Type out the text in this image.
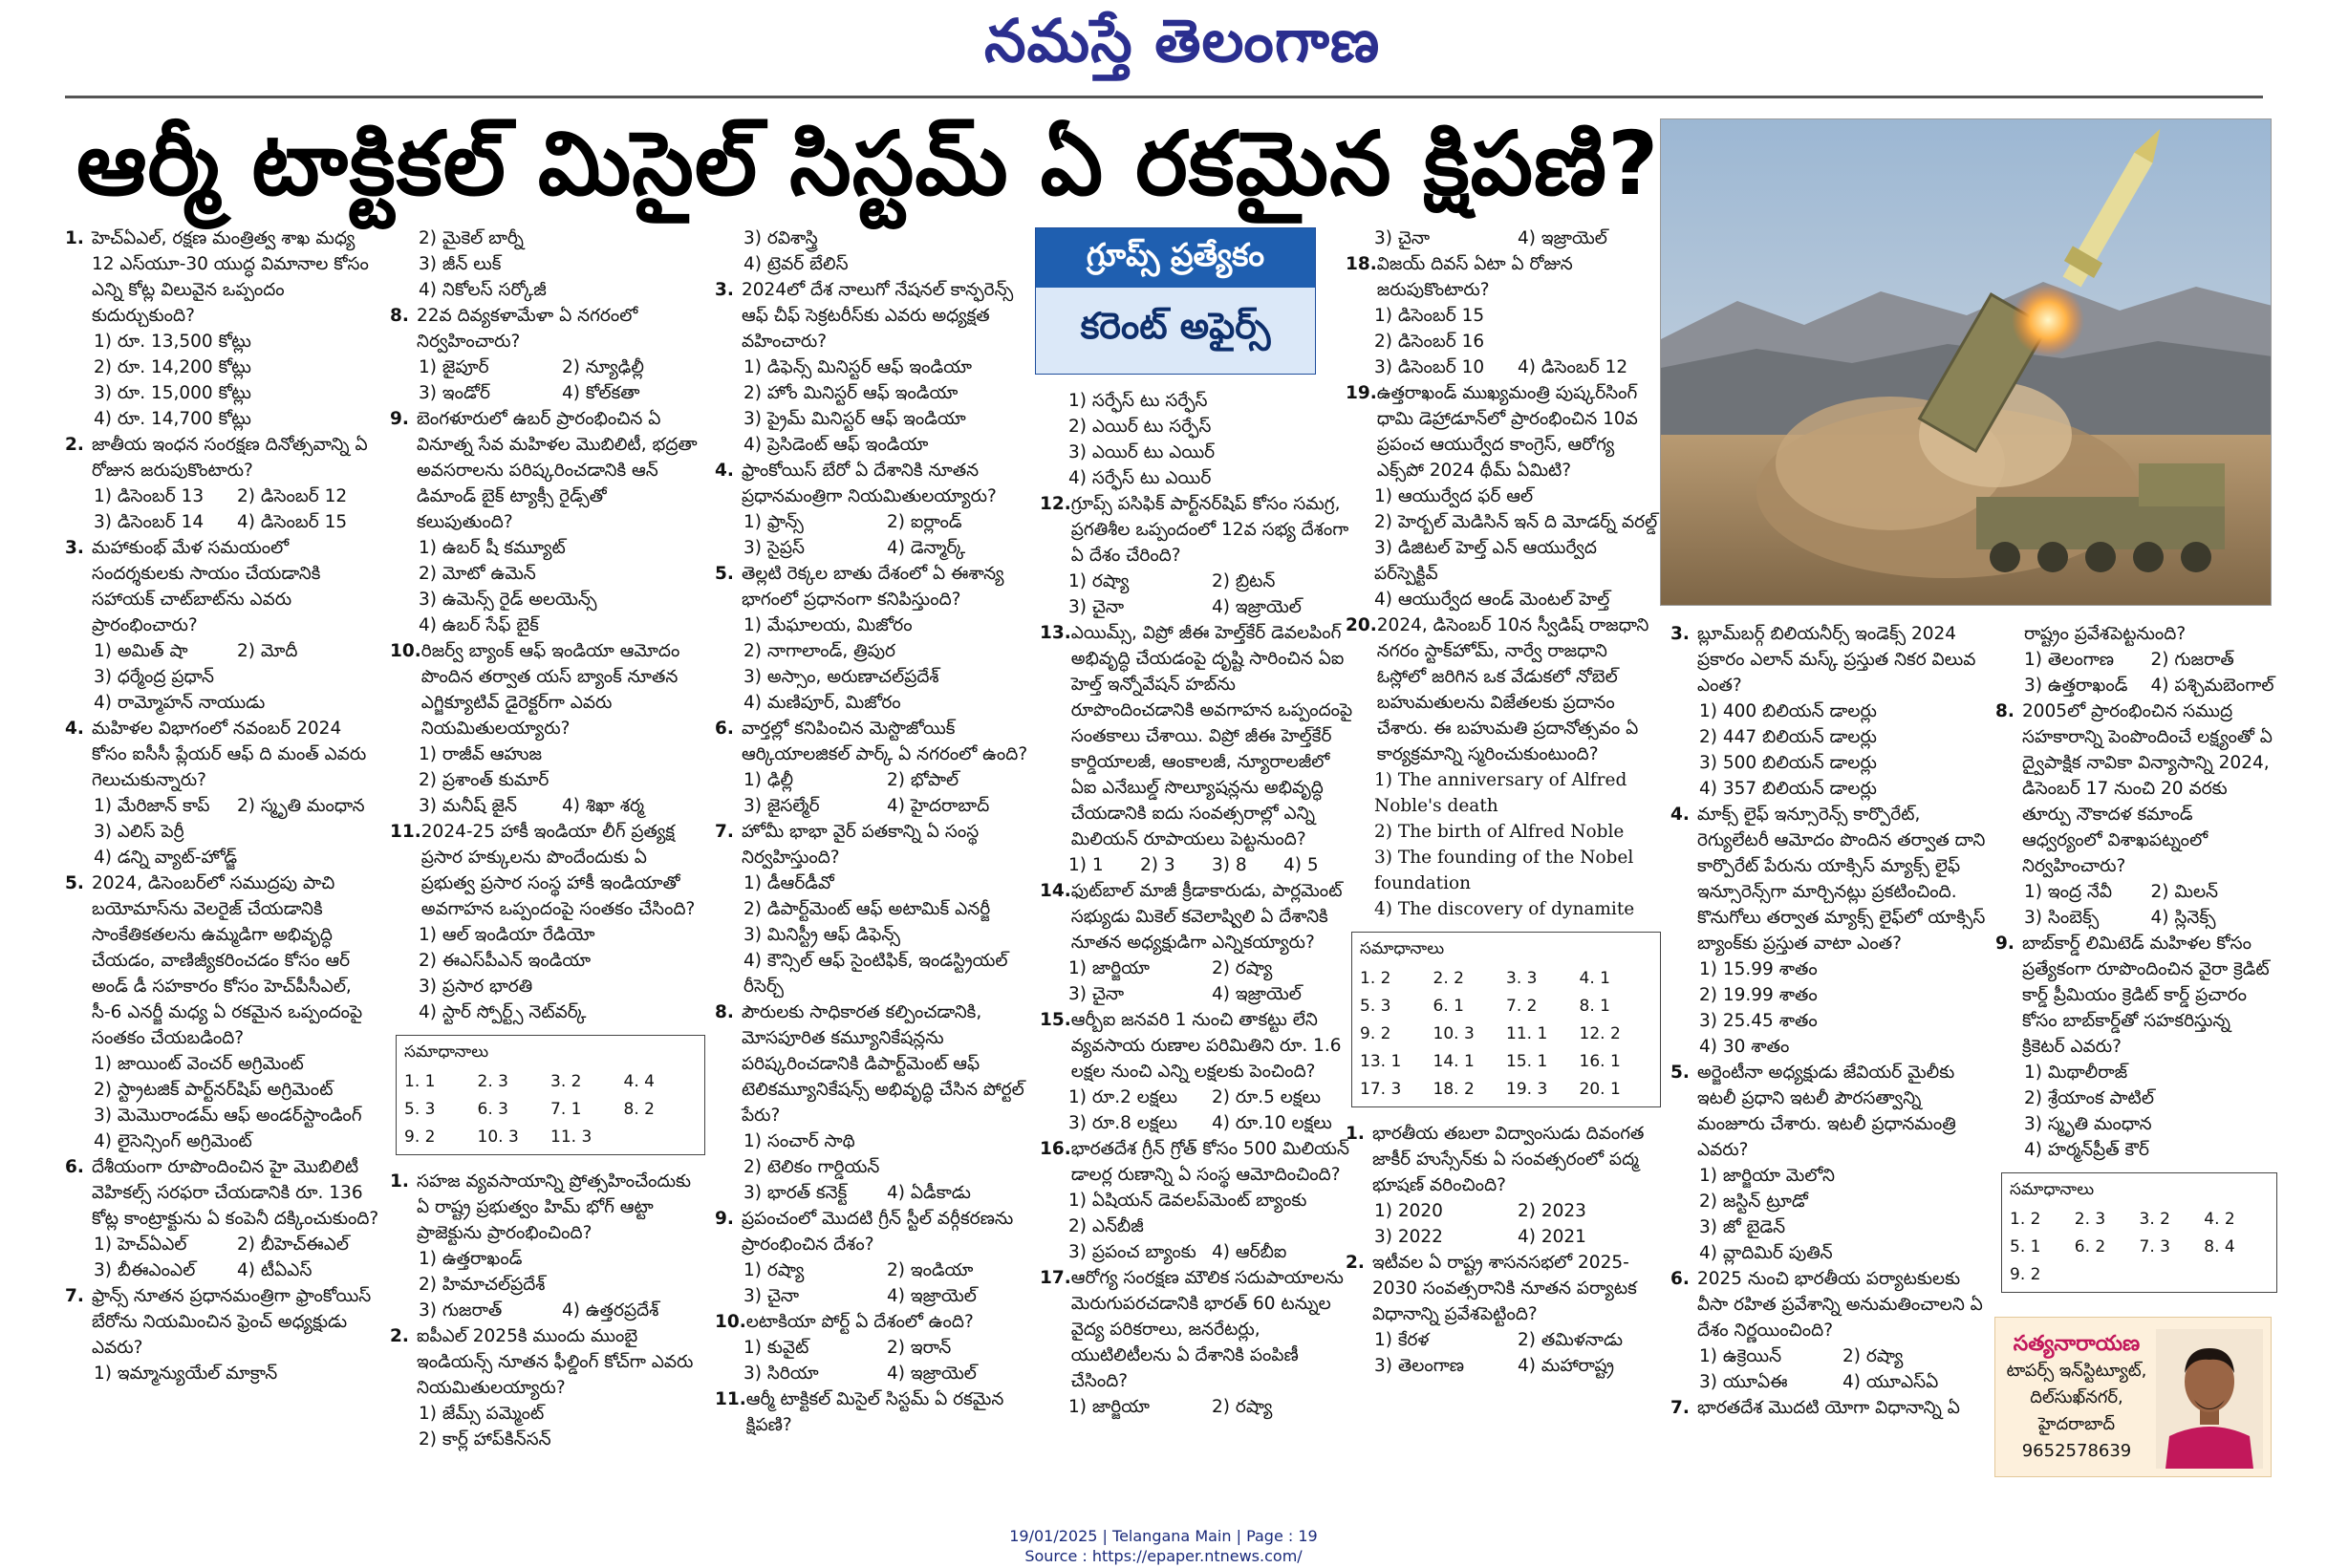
నమస్తే తెలంగాణ
ఆర్మీ టాక్టికల్ మిసైల్ సిస్టమ్ ఏ రకమైన క్షిపణి?
1. హెచ్‌ఏఎల్, రక్షణ మంత్రిత్వ శాఖ మధ్య 12 ఎస్‌యూ-30 యుద్ధ విమానాల కోసం ఎన్ని కోట్ల విలువైన ఒప్పందం కుదుర్చుకుంది?
1) రూ. 13,500 కోట్లు
2) రూ. 14,200 కోట్లు
3) రూ. 15,000 కోట్లు
4) రూ. 14,700 కోట్లు
2. జాతీయ ఇంధన సంరక్షణ దినోత్సవాన్ని ఏ రోజున జరుపుకొంటారు?
1) డిసెంబర్ 13	2) డిసెంబర్ 12
3) డిసెంబర్ 14	4) డిసెంబర్ 15
3. మహాకుంభ్ మేళ సమయంలో సందర్శకులకు సాయం చేయడానికి సహాయక్ చాట్‌బాట్‌ను ఎవరు ప్రారంభించారు?
1) అమిత్ షా	2) మోదీ
3) ధర్మేంద్ర ప్రధాన్
4) రామ్మోహన్ నాయుడు
4. మహిళల విభాగంలో నవంబర్ 2024 కోసం ఐసీసీ ప్లేయర్ ఆఫ్ ది మంత్ ఎవరు గెలుచుకున్నారు?
1) మేరిజాన్ కాప్	2) స్మృతి మంధాన
3) ఎలిస్ పెర్రీ
4) డన్ని వ్యాట్-హోడ్జ్
5. 2024, డిసెంబర్‌లో సముద్రపు పాచి బయోమాస్‌ను వెలరైజ్ చేయడానికి సాంకేతికతలను ఉమ్మడిగా అభివృద్ధి చేయడం, వాణిజ్యీకరించడం కోసం ఆర్ అండ్ డీ సహకారం కోసం హెచ్‌పీసీఎల్, సీ-6 ఎనర్జీ మధ్య ఏ రకమైన ఒప్పందంపై సంతకం చేయబడింది?
1) జాయింట్ వెంచర్ అగ్రిమెంట్
2) స్ట్రాటజిక్ పార్ట్‌నర్‌షిప్ అగ్రిమెంట్
3) మెమొరాండమ్ ఆఫ్ అండర్‌స్టాండింగ్
4) లైసెన్సింగ్ అగ్రిమెంట్
6. దేశీయంగా రూపొందించిన హై మొబిలిటీ వెహికల్స్ సరఫరా చేయడానికి రూ. 136 కోట్ల కాంట్రాక్టును ఏ కంపెనీ దక్కించుకుంది?
1) హెచ్‌ఏఎల్	2) బీహెచ్‌ఈఎల్
3) బీఈఎంఎల్	4) టీఏఎస్
7. ఫ్రాన్స్ నూతన ప్రధానమంత్రిగా ఫ్రాంకోయిస్ బేరోను నియమించిన ఫ్రెంచ్ అధ్యక్షుడు ఎవరు?
1) ఇమ్మాన్యుయేల్ మాక్రాన్
2) మైకెల్ బార్నీ
3) జీన్ లుక్
4) నికోలస్ సర్కోజీ
8. 22వ దివ్యకళామేళా ఏ నగరంలో నిర్వహించారు?
1) జైపూర్	2) న్యూఢిల్లీ
3) ఇండోర్	4) కోల్‌కతా
9. బెంగళూరులో ఉబర్ ప్రారంభించిన ఏ వినూత్న సేవ మహిళల మొబిలిటీ, భద్రతా అవసరాలను పరిష్కరించడానికి ఆన్ డిమాండ్ బైక్ ట్యాక్సీ రైడ్స్‌తో కలుపుతుంది?
1) ఉబర్ షీ కమ్యూట్
2) మోటో ఉమెన్
3) ఉమెన్స్ రైడ్ అలయెన్స్
4) ఉబర్ సేఫ్ బైక్
10. రిజర్వ్ బ్యాంక్ ఆఫ్ ఇండియా ఆమోదం పొందిన తర్వాత యస్ బ్యాంక్ నూతన ఎగ్జిక్యూటివ్ డైరెక్టర్‌గా ఎవరు నియమితులయ్యారు?
1) రాజీవ్ ఆహుజ
2) ప్రశాంత్ కుమార్
3) మనీష్ జైన్	4) శిఖా శర్మ
11. 2024-25 హాకీ ఇండియా లీగ్ ప్రత్యక్ష ప్రసార హక్కులను పొందేందుకు ఏ ప్రభుత్వ ప్రసార సంస్థ హాకీ ఇండియాతో అవగాహన ఒప్పందంపై సంతకం చేసింది?
1) ఆల్ ఇండియా రేడియో
2) ఈఎస్‌పీఎన్ ఇండియా
3) ప్రసార భారతి
4) స్టార్ స్పోర్ట్స్ నెట్‌వర్క్
సమాధానాలు
1. 1	2. 3	3. 2	4. 4
5. 3	6. 3	7. 1	8. 2
9. 2	10. 3	11. 3
1. సహజ వ్యవసాయాన్ని ప్రోత్సహించేందుకు ఏ రాష్ట్ర ప్రభుత్వం హిమ్ భోగ్ ఆట్టా ప్రాజెక్టును ప్రారంభించింది?
1) ఉత్తరాఖండ్
2) హిమాచల్‌ప్రదేశ్
3) గుజరాత్	4) ఉత్తరప్రదేశ్
2. ఐపీఎల్ 2025కి ముందు ముంబై ఇండియన్స్ నూతన ఫీల్డింగ్ కోచ్‌గా ఎవరు నియమితులయ్యారు?
1) జేమ్స్ పమ్మెంట్
2) కార్ల్ హాప్‌కిన్‌సన్
3) రవిశాస్త్రి
4) ట్రెవర్ బేలిస్
3. 2024లో దేశ నాలుగో నేషనల్ కాన్ఫరెన్స్ ఆఫ్ చీఫ్ సెక్రటరీస్‌కు ఎవరు అధ్యక్షత వహించారు?
1) డిఫెన్స్ మినిస్టర్ ఆఫ్ ఇండియా
2) హోం మినిస్టర్ ఆఫ్ ఇండియా
3) ప్రైమ్ మినిస్టర్ ఆఫ్ ఇండియా
4) ప్రెసిడెంట్ ఆఫ్ ఇండియా
4. ఫ్రాంకోయిస్ బేరో ఏ దేశానికి నూతన ప్రధానమంత్రిగా నియమితులయ్యారు?
1) ఫ్రాన్స్	2) ఐర్లాండ్
3) సైప్రస్	4) డెన్మార్క్
5. తెల్లటి రెక్కల బాతు దేశంలో ఏ ఈశాన్య భాగంలో ప్రధానంగా కనిపిస్తుంది?
1) మేఘాలయ, మిజోరం
2) నాగాలాండ్, త్రిపుర
3) అస్సాం, అరుణాచల్‌ప్రదేశ్
4) మణిపూర్, మిజోరం
6. వార్తల్లో కనిపించిన మెస్టొజోయిక్ ఆర్కియాలజికల్ పార్క్ ఏ నగరంలో ఉంది?
1) ఢిల్లీ	2) భోపాల్
3) జైసల్మేర్	4) హైదరాబాద్
7. హోమీ భాభా వైర్ పతకాన్ని ఏ సంస్థ నిర్వహిస్తుంది?
1) డీఆర్‌డీవో
2) డిపార్ట్‌మెంట్ ఆఫ్ అటామిక్ ఎనర్జీ
3) మినిస్ట్రీ ఆఫ్ డిఫెన్స్
4) కౌన్సిల్ ఆఫ్ సైంటిఫిక్, ఇండస్ట్రియల్ రీసెర్చ్
8. పౌరులకు సాధికారత కల్పించడానికి, మోసపూరిత కమ్యూనికేషన్లను పరిష్కరించడానికి డిపార్ట్‌మెంట్ ఆఫ్ టెలికమ్యూనికేషన్స్ అభివృద్ధి చేసిన పోర్టల్ పేరు?
1) సంచార్ సాథి
2) టెలికం గార్డియన్
3) భారత్ కనెక్ట్	4) ఏడీకాడు
9. ప్రపంచంలో మొదటి గ్రీన్ స్టీల్ వర్గీకరణను ప్రారంభించిన దేశం?
1) రష్యా	2) ఇండియా
3) చైనా	4) ఇజ్రాయెల్
10. లటాకియా పోర్ట్ ఏ దేశంలో ఉంది?
1) కువైట్	2) ఇరాన్
3) సిరియా	4) ఇజ్రాయెల్
11. ఆర్మీ టాక్టికల్ మిసైల్ సిస్టమ్ ఏ రకమైన క్షిపణి?
గ్రూప్స్ ప్రత్యేకం
కరెంట్ అఫైర్స్
1) సర్ఫేస్ టు సర్ఫేస్
2) ఎయిర్ టు సర్ఫేస్
3) ఎయిర్ టు ఎయిర్
4) సర్ఫేస్ టు ఎయిర్
12. గ్రూప్స్ పసిఫిక్ పార్ట్‌నర్‌షిప్ కోసం సమగ్ర, ప్రగతిశీల ఒప్పందంలో 12వ సభ్య దేశంగా ఏ దేశం చేరింది?
1) రష్యా	2) బ్రిటన్
3) చైనా	4) ఇజ్రాయెల్
13. ఎయిమ్స్, విప్రో జీఈ హెల్త్‌కేర్ డెవలపింగ్ అభివృద్ధి చేయడంపై దృష్టి సారించిన ఏఐ హెల్త్ ఇన్నోవేషన్ హబ్‌ను రూపొందించడానికి అవగాహన ఒప్పందంపై సంతకాలు చేశాయి. విప్రో జీఈ హెల్త్‌కేర్ కార్డియాలజీ, ఆంకాలజీ, న్యూరాలజీలో ఏఐ ఎనేబుల్డ్ సొల్యూషన్లను అభివృద్ధి చేయడానికి ఐదు సంవత్సరాల్లో ఎన్ని మిలియన్ రూపాయలు పెట్టనుంది?
1) 1	2) 3	3) 8	4) 5
14. ఫుట్‌బాల్ మాజీ క్రీడాకారుడు, పార్లమెంట్ సభ్యుడు మికెల్ కవెలాష్విలి ఏ దేశానికి నూతన అధ్యక్షుడిగా ఎన్నికయ్యారు?
1) జార్జియా	2) రష్యా
3) చైనా	4) ఇజ్రాయెల్
15. ఆర్బీఐ జనవరి 1 నుంచి తాకట్టు లేని వ్యవసాయ రుణాల పరిమితిని రూ. 1.6 లక్షల నుంచి ఎన్ని లక్షలకు పెంచింది?
1) రూ.2 లక్షలు	2) రూ.5 లక్షలు
3) రూ.8 లక్షలు	4) రూ.10 లక్షలు
16. భారతదేశ గ్రీన్ గ్రోత్ కోసం 500 మిలియన్ డాలర్ల రుణాన్ని ఏ సంస్థ ఆమోదించింది?
1) ఏషియన్ డెవలప్‌మెంట్ బ్యాంకు
2) ఎన్‌బీజీ
3) ప్రపంచ బ్యాంకు 4) ఆర్‌బీఐ
17. ఆరోగ్య సంరక్షణ మౌలిక సదుపాయాలను మెరుగుపరచడానికి భారత్ 60 టన్నుల వైద్య పరికరాలు, జనరేటర్లు, యుటిలిటీలను ఏ దేశానికి పంపిణీ చేసింది?
1) జార్జియా	2) రష్యా
3) చైనా	4) ఇజ్రాయెల్
18. విజయ్ దివస్ ఏటా ఏ రోజున జరుపుకొంటారు?
1) డిసెంబర్ 15
2) డిసెంబర్ 16
3) డిసెంబర్ 10	4) డిసెంబర్ 12
19. ఉత్తరాఖండ్ ముఖ్యమంత్రి పుష్కర్‌సింగ్ ధామి డెహ్రాడూన్‌లో ప్రారంభించిన 10వ ప్రపంచ ఆయుర్వేద కాంగ్రెస్, ఆరోగ్య ఎక్స్‌పో 2024 థీమ్ ఏమిటి?
1) ఆయుర్వేద ఫర్ ఆల్
2) హెర్బల్ మెడిసిన్ ఇన్ ది మోడర్న్ వరల్డ్
3) డిజిటల్ హెల్త్ ఎన్ ఆయుర్వేద పర్‌స్పెక్టివ్
4) ఆయుర్వేద ఆండ్ మెంటల్ హెల్త్
20. 2024, డిసెంబర్ 10న స్వీడిష్ రాజధాని నగరం స్టాక్‌హోమ్, నార్వే రాజధాని ఓస్లోలో జరిగిన ఒక వేడుకలో నోబెల్ బహుమతులను విజేతలకు ప్రదానం చేశారు. ఈ బహుమతి ప్రదానోత్సవం ఏ కార్యక్రమాన్ని స్మరించుకుంటుంది?
1) The anniversary of Alfred Noble's death
2) The birth of Alfred Noble
3) The founding of the Nobel foundation
4) The discovery of dynamite
సమాధానాలు
1. 2	2. 2	3. 3	4. 1
5. 3	6. 1	7. 2	8. 1
9. 2	10. 3	11. 1	12. 2
13. 1	14. 1	15. 1	16. 1
17. 3	18. 2	19. 3	20. 1
1. భారతీయ తబలా విద్వాంసుడు దివంగత జాకీర్ హుస్సేన్‌కు ఏ సంవత్సరంలో పద్మ భూషణ్ వరించింది?
1) 2020	2) 2023
3) 2022	4) 2021
2. ఇటీవల ఏ రాష్ట్ర శాసనసభలో 2025-2030 సంవత్సరానికి నూతన పర్యాటక విధానాన్ని ప్రవేశపెట్టింది?
1) కేరళ	2) తమిళనాడు
3) తెలంగాణ	4) మహారాష్ట్ర
3. బ్లూమ్‌బర్గ్ బిలియనీర్స్ ఇండెక్స్ 2024 ప్రకారం ఎలాన్ మస్క్ ప్రస్తుత నికర విలువ ఎంత?
1) 400 బిలియన్ డాలర్లు
2) 447 బిలియన్ డాలర్లు
3) 500 బిలియన్ డాలర్లు
4) 357 బిలియన్ డాలర్లు
4. మాక్స్ లైఫ్ ఇన్సూరెన్స్ కార్పొరేట్, రెగ్యులేటరీ ఆమోదం పొందిన తర్వాత దాని కార్పొరేట్ పేరును యాక్సిస్ మ్యాక్స్ లైఫ్ ఇన్సూరెన్స్‌గా మార్చినట్లు ప్రకటించింది. కొనుగోలు తర్వాత మ్యాక్స్ లైఫ్‌లో యాక్సిస్ బ్యాంక్‌కు ప్రస్తుత వాటా ఎంత?
1) 15.99 శాతం
2) 19.99 శాతం
3) 25.45 శాతం
4) 30 శాతం
5. అర్జెంటీనా అధ్యక్షుడు జేవియర్ మైలీకు ఇటలీ ప్రధాని ఇటలీ పౌరసత్వాన్ని మంజూరు చేశారు. ఇటలీ ప్రధానమంత్రి ఎవరు?
1) జార్జియా మెలోని
2) జస్టిన్ ట్రూడో
3) జో బైడెన్
4) వ్లాదిమిర్ పుతిన్
6. 2025 నుంచి భారతీయ పర్యాటకులకు వీసా రహిత ప్రవేశాన్ని అనుమతించాలని ఏ దేశం నిర్ణయించింది?
1) ఉక్రెయిన్	2) రష్యా
3) యూఏఈ	4) యూఎస్‌ఏ
7. భారతదేశ మొదటి యోగా విధానాన్ని ఏ
రాష్ట్రం ప్రవేశపెట్టనుంది?
1) తెలంగాణ	2) గుజరాత్
3) ఉత్తరాఖండ్	4) పశ్చిమబెంగాల్
8. 2005లో ప్రారంభించిన సముద్ర సహకారాన్ని పెంపొందించే లక్ష్యంతో ఏ ద్వైపాక్షిక నావికా విన్యాసాన్ని 2024, డిసెంబర్ 17 నుంచి 20 వరకు తూర్పు నౌకాదళ కమాండ్ ఆధ్వర్యంలో విశాఖపట్నంలో నిర్వహించారు?
1) ఇంద్ర నేవీ	2) మిలన్
3) సింబెక్స్	4) స్లినెక్స్
9. బాబ్‌కార్డ్ లిమిటెడ్ మహిళల కోసం ప్రత్యేకంగా రూపొందించిన వైరా క్రెడిట్ కార్డ్ ప్రీమియం క్రెడిట్ కార్డ్ ప్రచారం కోసం బాబ్‌కార్డ్‌తో సహకరిస్తున్న క్రికెటర్ ఎవరు?
1) మిథాలీరాజ్
2) శ్రేయాంక పాటిల్
3) స్మృతి మంధాన
4) హర్మన్‌ప్రీత్ కౌర్
సమాధానాలు
1. 2	2. 3	3. 2	4. 2
5. 1	6. 2	7. 3	8. 4
9. 2
సత్యనారాయణ
టాపర్స్ ఇన్‌స్టిట్యూట్,
దిల్‌సుఖ్‌నగర్,
హైదరాబాద్
9652578639
19/01/2025 | Telangana Main | Page : 19
Source : https://epaper.ntnews.com/
